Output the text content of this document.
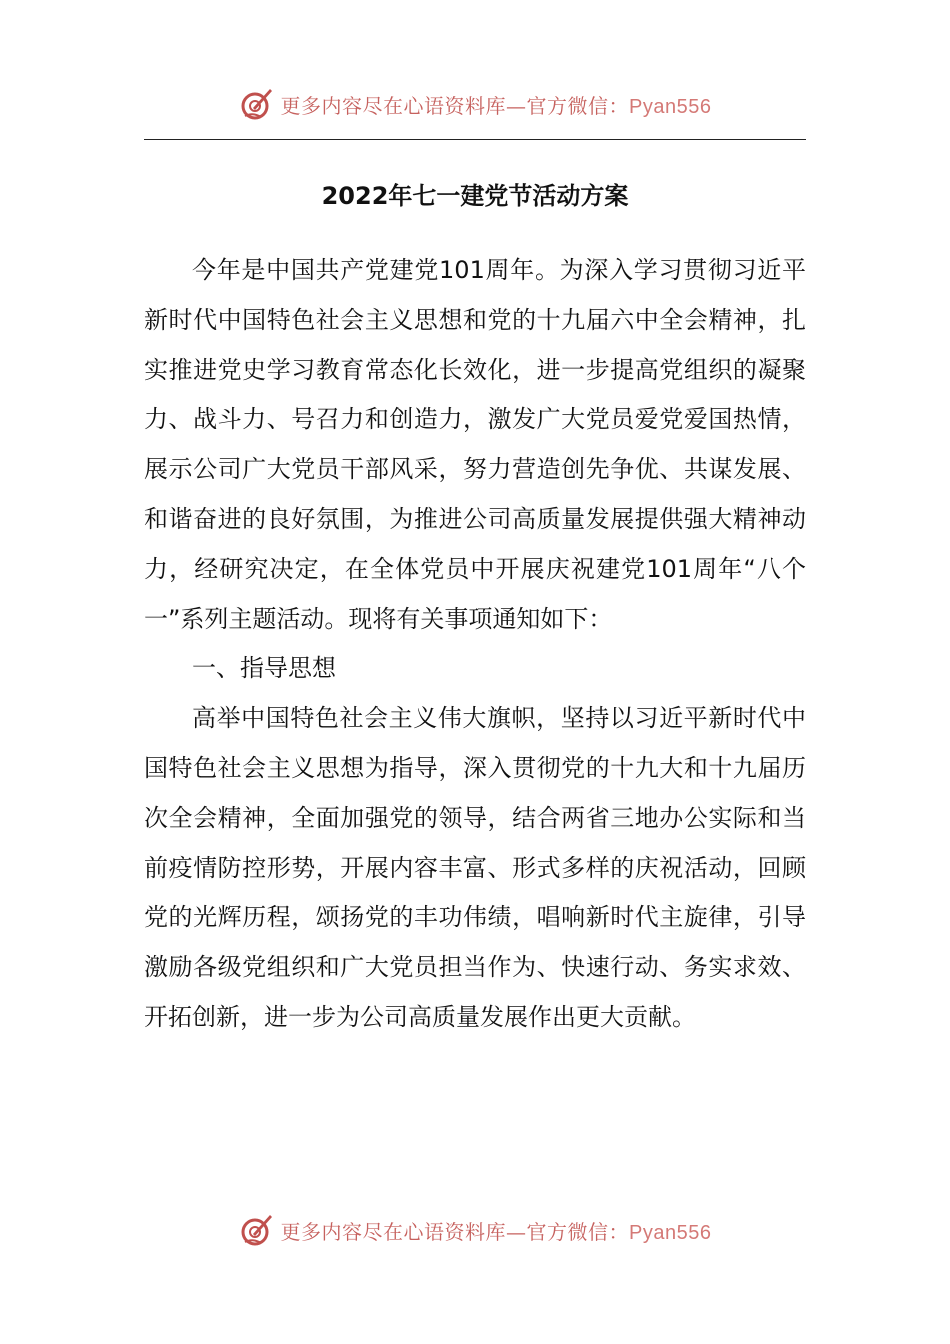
更多内容尽在心语资料库—官方微信：Pyan556
2022年七一建党节活动方案

今年是中国共产党建党101周年。为深入学习贯彻习近平新时代中国特色社会主义思想和党的十九届六中全会精神，扎实推进党史学习教育常态化长效化，进一步提高党组织的凝聚力、战斗力、号召力和创造力，激发广大党员爱党爱国热情，展示公司广大党员干部风采，努力营造创先争优、共谋发展、和谐奋进的良好氛围，为推进公司高质量发展提供强大精神动力，经研究决定，在全体党员中开展庆祝建党101周年“八个一”系列主题活动。现将有关事项通知如下：

一、指导思想

高举中国特色社会主义伟大旗帜，坚持以习近平新时代中国特色社会主义思想为指导，深入贯彻党的十九大和十九届历次全会精神，全面加强党的领导，结合两省三地办公实际和当前疫情防控形势，开展内容丰富、形式多样的庆祝活动，回顾党的光辉历程，颂扬党的丰功伟绩，唱响新时代主旋律，引导激励各级党组织和广大党员担当作为、快速行动、务实求效、开拓创新，进一步为公司高质量发展作出更大贡献。

更多内容尽在心语资料库—官方微信：Pyan556
